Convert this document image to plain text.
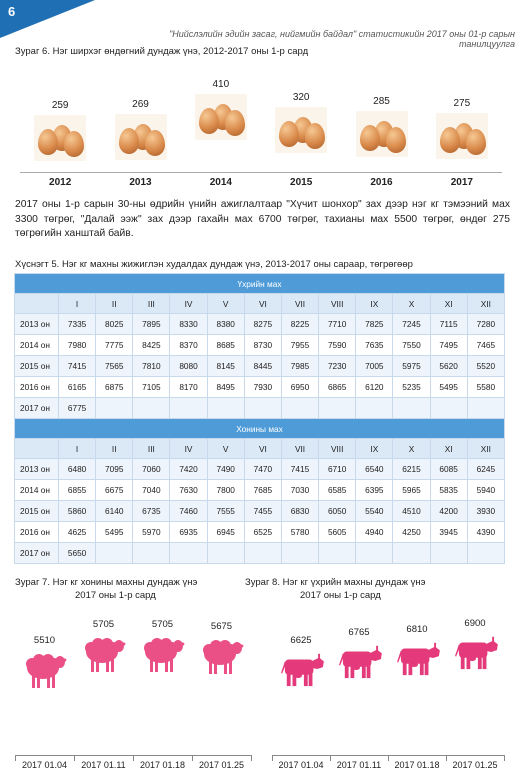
6
"Нийслэлийн эдийн засаг, нийгмийн байдал" статистикийн 2017 оны 01-р сарын танилцуулга
Зураг 6. Нэг ширхэг өндөгний дундаж үнэ, 2012-2017 оны 1-р сард
259	269
410
320	285	275
2012	2013	2014	2015	2016	2017
2017 оны 1-р сарын 30-ны өдрийн үнийн ажиглалтаар "Хүчит шонхор" зах дээр нэг кг тэмээний мах 3300 төгрөг, "Далай ээж" зах дээр гахайн мах 6700 төгрөг, тахианы мах 5500 төгрөг, өндөг 275 төгрөгийн ханштай байв.
Хүснэгт 5. Нэг кг махны жижиглэн худалдах дундаж үнэ, 2013-2017 оны сараар, төгрөгөөр
Үхрийн мах												
	I	II	III	IV	V	VI	VII	VIII	IX	X	XI	XII
2013 он	7335	8025	7895	8330	8380	8275	8225	7710	7825	7245	7115	7280
2014 он	7980	7775	8425	8370	8685	8730	7955	7590	7635	7550	7495	7465
2015 он	7415	7565	7810	8080	8145	8445	7985	7230	7005	5975	5620	5520
2016 он	6165	6875	7105	8170	8495	7930	6950	6865	6120	5235	5495	5580
2017 он	6775											
Хонины мах												
	I	II	III	IV	V	VI	VII	VIII	IX	X	XI	XII
2013 он	6480	7095	7060	7420	7490	7470	7415	6710	6540	6215	6085	6245
2014 он	6855	6675	7040	7630	7800	7685	7030	6585	6395	5965	5835	5940
2015 он	5860	6140	6735	7460	7555	7455	6830	6050	5540	4510	4200	3930
2016 он	4625	5495	5970	6935	6945	6525	5780	5605	4940	4250	3945	4390
2017 он	5650											
Зураг 7. Нэг кг хонины махны дундаж үнэ
2017 оны 1-р сард
5510
2017 01.04
5705
2017 01.11
5705
2017 01.18
5675
2017 01.25
Зураг 8. Нэг кг үхрийн махны дундаж үнэ
2017 оны 1-р сард
6625
2017 01.04
6765
2017 01.11
6810
2017 01.18
6900
2017 01.25
